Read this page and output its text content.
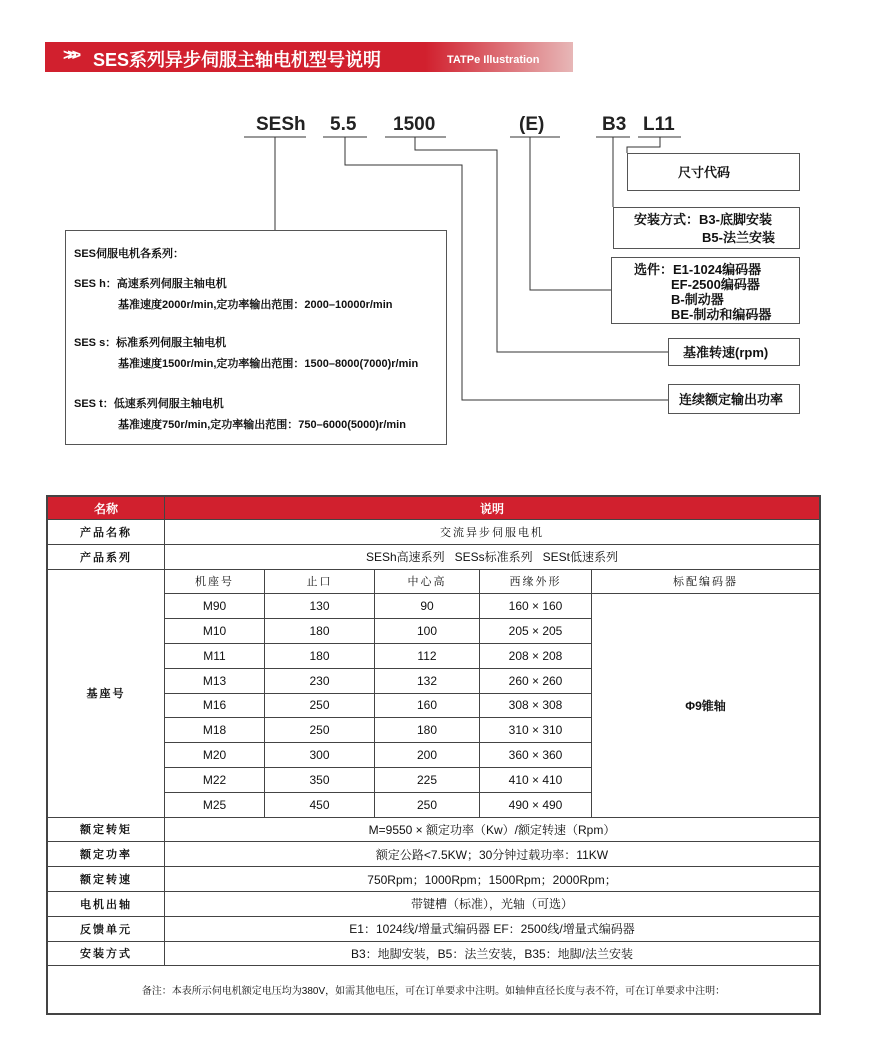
>>> SES系列异步伺服主轴电机型号说明	TATPe Illustration
SESh 5.5 1500	(E)	B3 L11
尺寸代码
安装方式：B3-底脚安装
B5-法兰安装
选件：E1-1024编码器
EF-2500编码器
B-制动器
BE-制动和编码器
基准转速(rpm)
连续额定输出功率
SES伺服电机各系列：
SES h：高速系列伺服主轴电机
基准速度2000r/min,定功率输出范围：2000–10000r/min
SES s：标准系列伺服主轴电机
基准速度1500r/min,定功率输出范围：1500–8000(7000)r/min
SES t：低速系列伺服主轴电机
基准速度750r/min,定功率输出范围：750–6000(5000)r/min
名称	说明				
产品名称	交流异步伺服电机				
产品系列	SESh高速系列   SESs标准系列   SESt低速系列				
基座号	机座号	止口	中心高	西缘外形	标配编码器
	M90	130	90	160 × 160	Φ9锥轴
	M10	180	100	205 × 205	
	M11	180	112	208 × 208	
	M13	230	132	260 × 260	
	M16	250	160	308 × 308	
	M18	250	180	310 × 310	
	M20	300	200	360 × 360	
	M22	350	225	410 × 410	
	M25	450	250	490 × 490	
额定转矩	M=9550 × 额定功率（Kw）/额定转速（Rpm）				
额定功率	额定公路<7.5KW；30分钟过载功率：11KW				
额定转速	750Rpm；1000Rpm；1500Rpm；2000Rpm；				
电机出轴	带键槽（标准），光轴（可选）				
反馈单元	E1：1024线/增量式编码器 EF：2500线/增量式编码器				
安装方式	B3：地脚安装，B5：法兰安装，B35：地脚/法兰安装				
备注：本表所示伺电机额定电压均为380V，如需其他电压，可在订单要求中注明。如轴伸直径长度与表不符，可在订单要求中注明：					
